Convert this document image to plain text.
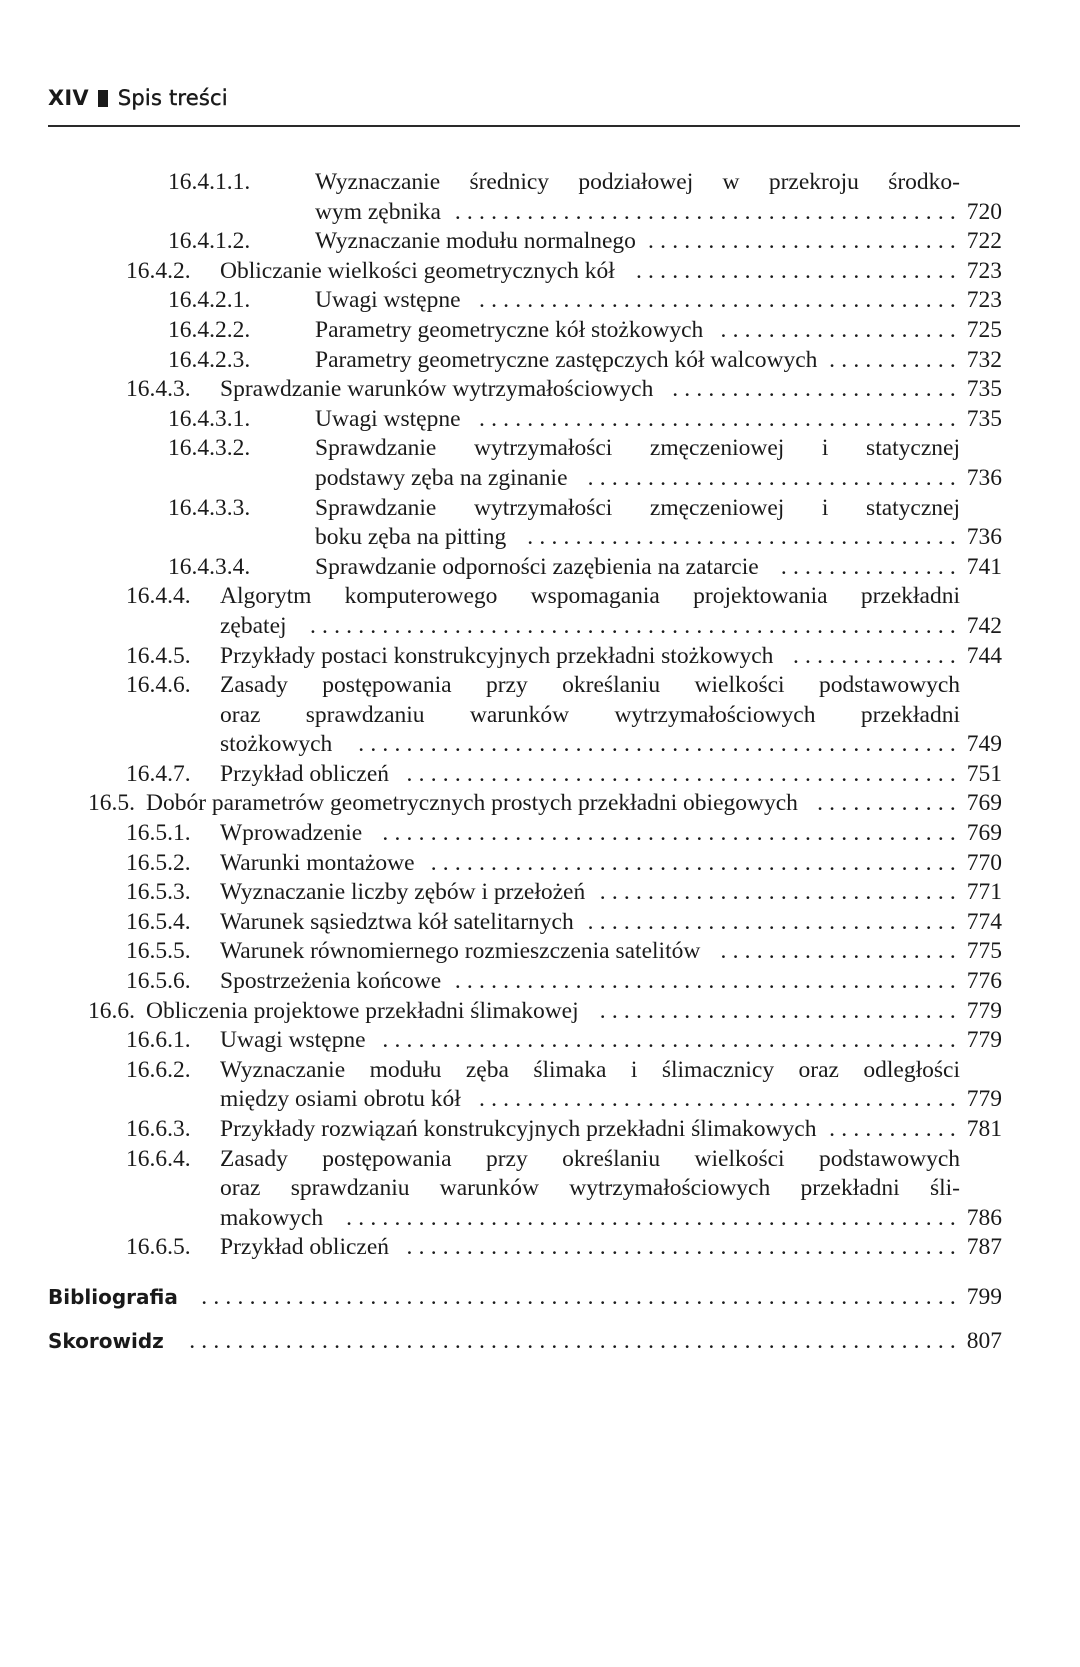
XIV Spis treści
16.4.1.1.	Wyznaczanie średnicy podziałowej w przekroju środko-
wym zębnika .......................................... 720
16.4.1.2.	Wyznaczanie modułu normalnego .......................... 722
16.4.2. Obliczanie wielkości geometrycznych kół ........................... 723
16.4.2.1.	Uwagi wstępne ........................................ 723
16.4.2.2.	Parametry geometryczne kół stożkowych .................... 725
16.4.2.3.	Parametry geometryczne zastępczych kół walcowych ........... 732
16.4.3. Sprawdzanie warunków wytrzymałościowych ........................ 735
16.4.3.1.	Uwagi wstępne ........................................ 735
16.4.3.2.	Sprawdzanie wytrzymałości zmęczeniowej i statycznej
podstawy zęba na zginanie ............................... 736
16.4.3.3.	Sprawdzanie wytrzymałości zmęczeniowej i statycznej
boku zęba na pitting .................................... 736
16.4.3.4.	Sprawdzanie odporności zazębienia na zatarcie ............... 741
16.4.4. Algorytm komputerowego wspomagania projektowania przekładni
zębatej ...................................................... 742
16.4.5. Przykłady postaci konstrukcyjnych przekładni stożkowych .............. 744
16.4.6. Zasady postępowania przy określaniu wielkości podstawowych
oraz sprawdzaniu warunków wytrzymałościowych przekładni
stożkowych	.................................................. 749
16.4.7. Przykład obliczeń .............................................. 751
16.5. Dobór parametrów geometrycznych prostych przekładni obiegowych ............ 769
16.5.1. Wprowadzenie ................................................ 769
16.5.2. Warunki montażowe ............................................ 770
16.5.3. Wyznaczanie liczby zębów i przełożeń .............................. 771
16.5.4. Warunek sąsiedztwa kół satelitarnych ............................... 774
16.5.5. Warunek równomiernego rozmieszczenia satelitów .................... 775
16.5.6. Spostrzeżenia końcowe .......................................... 776
16.6. Obliczenia projektowe przekładni ślimakowej .............................. 779
16.6.1. Uwagi wstępne ................................................ 779
16.6.2. Wyznaczanie modułu zęba ślimaka i ślimacznicy oraz odległości
między osiami obrotu kół ........................................ 779
16.6.3. Przykłady rozwiązań konstrukcyjnych przekładni ślimakowych ........... 781
16.6.4. Zasady postępowania przy określaniu wielkości podstawowych
oraz sprawdzaniu warunków wytrzymałościowych przekładni śli-
makowych ................................................... 786
16.6.5. Przykład obliczeń .............................................. 787
Bibliografia ............................................................... 799
Skorowidz	................................................................ 807
